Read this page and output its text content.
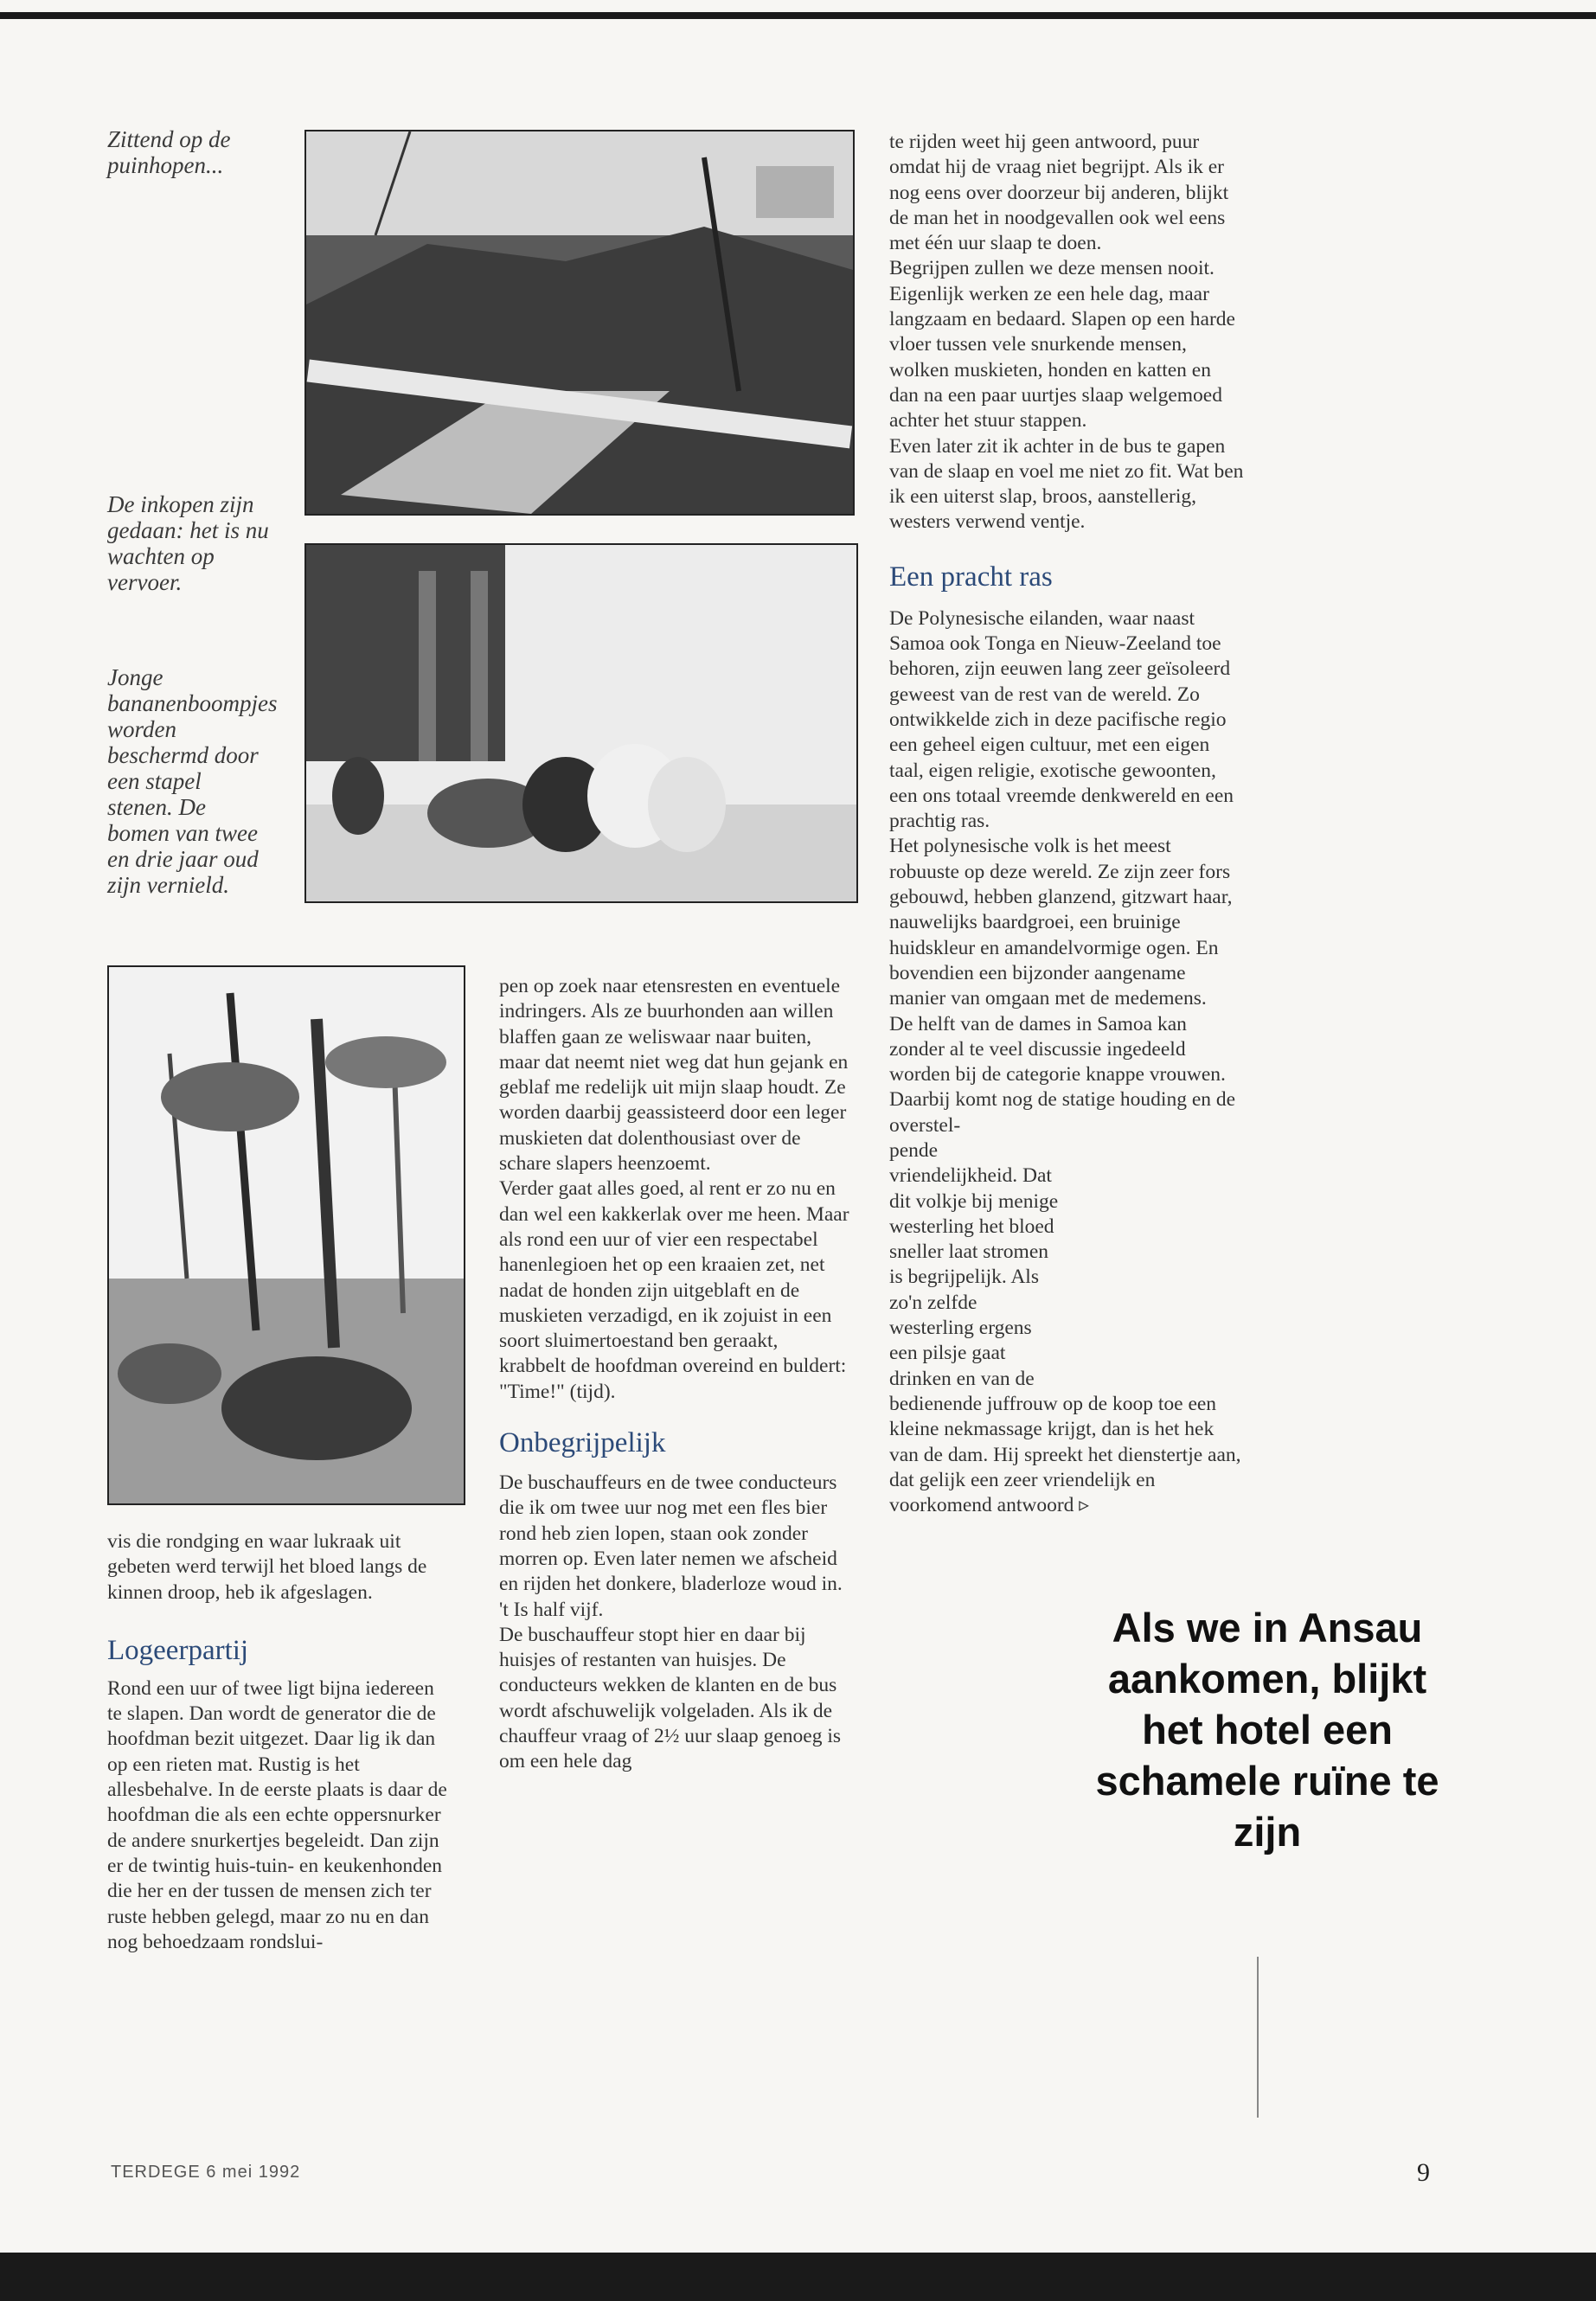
Zittend op de puinhopen...

De inkopen zijn gedaan: het is nu wachten op vervoer.

Jonge bananenboompjes worden beschermd door een stapel stenen. De bomen van twee en drie jaar oud zijn vernield.

vis die rondging en waar lukraak uit gebeten werd terwijl het bloed langs de kinnen droop, heb ik afgeslagen.

Logeerpartij

Rond een uur of twee ligt bijna iedereen te slapen. Dan wordt de generator die de hoofdman bezit uitgezet. Daar lig ik dan op een rieten mat. Rustig is het allesbehalve. In de eerste plaats is daar de hoofdman die als een echte oppersnurker de andere snurkertjes begeleidt. Dan zijn er de twintig huis-tuin- en keukenhonden die her en der tussen de mensen zich ter ruste hebben gelegd, maar zo nu en dan nog behoedzaam rondslui-

pen op zoek naar etensresten en eventuele indringers. Als ze buurhonden aan willen blaffen gaan ze weliswaar naar buiten, maar dat neemt niet weg dat hun gejank en geblaf me redelijk uit mijn slaap houdt. Ze worden daarbij geassisteerd door een leger muskieten dat dolenthousiast over de schare slapers heenzoemt.

Verder gaat alles goed, al rent er zo nu en dan wel een kakkerlak over me heen. Maar als rond een uur of vier een respectabel hanenlegioen het op een kraaien zet, net nadat de honden zijn uitgeblaft en de muskieten verzadigd, en ik zojuist in een soort sluimertoestand ben geraakt, krabbelt de hoofdman overeind en buldert: "Time!" (tijd).

Onbegrijpelijk

De buschauffeurs en de twee conducteurs die ik om twee uur nog met een fles bier rond heb zien lopen, staan ook zonder morren op. Even later nemen we afscheid en rijden het donkere, bladerloze woud in. 't Is half vijf.

De buschauffeur stopt hier en daar bij huisjes of restanten van huisjes. De conducteurs wekken de klanten en de bus wordt afschuwelijk volgeladen. Als ik de chauffeur vraag of 2½ uur slaap genoeg is om een hele dag

te rijden weet hij geen antwoord, puur omdat hij de vraag niet begrijpt. Als ik er nog eens over doorzeur bij anderen, blijkt de man het in noodgevallen ook wel eens met één uur slaap te doen.

Begrijpen zullen we deze mensen nooit. Eigenlijk werken ze een hele dag, maar langzaam en bedaard. Slapen op een harde vloer tussen vele snurkende mensen, wolken muskieten, honden en katten en dan na een paar uurtjes slaap welgemoed achter het stuur stappen.

Even later zit ik achter in de bus te gapen van de slaap en voel me niet zo fit. Wat ben ik een uiterst slap, broos, aanstellerig, westers verwend ventje.

Een pracht ras

De Polynesische eilanden, waar naast Samoa ook Tonga en Nieuw-Zeeland toe behoren, zijn eeuwen lang zeer geïsoleerd geweest van de rest van de wereld. Zo ontwikkelde zich in deze pacifische regio een geheel eigen cultuur, met een eigen taal, eigen religie, exotische gewoonten, een ons totaal vreemde denkwereld en een prachtig ras.

Het polynesische volk is het meest robuuste op deze wereld. Ze zijn zeer fors gebouwd, hebben glanzend, gitzwart haar, nauwelijks baardgroei, een bruinige huidskleur en amandelvormige ogen. En bovendien een bijzonder aangename manier van omgaan met de medemens.

De helft van de dames in Samoa kan zonder al te veel discussie ingedeeld worden bij de categorie knappe vrouwen. Daarbij komt nog de statige houding en de overstel-

pende vriendelijkheid. Dat dit volkje bij menige westerling het bloed sneller laat stromen is begrijpelijk. Als zo'n zelfde westerling ergens een pilsje gaat drinken en van de

bedienende juffrouw op de koop toe een kleine nekmassage krijgt, dan is het hek van de dam. Hij spreekt het dienstertje aan, dat gelijk een zeer vriendelijk en voorkomend antwoord ▹

Als we in Ansau aankomen, blijkt het hotel een schamele ruïne te zijn
TERDEGE 6 mei 1992	9
